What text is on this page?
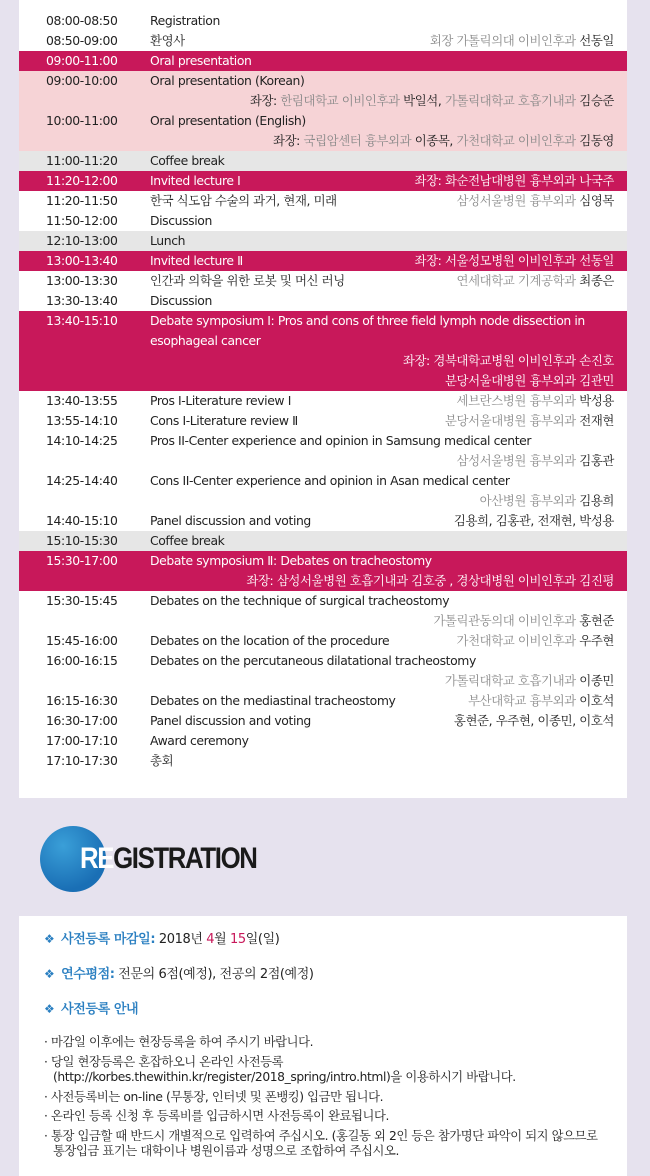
08:00-08:50	Registration
08:50-09:00	환영사	회장 가톨릭의대 이비인후과 선동일
09:00-11:00	Oral presentation
09:00-10:00	Oral presentation (Korean)
좌장: 한림대학교 이비인후과 박일석, 가톨릭대학교 호흡기내과 김승준
10:00-11:00	Oral presentation (English)
좌장: 국립암센터 흉부외과 이종목, 가천대학교 이비인후과 김동영
11:00-11:20	Coffee break
11:20-12:00	Invited lecture I	좌장: 화순전남대병원 흉부외과 나국주
11:20-11:50	한국 식도암 수술의 과거, 현재, 미래	삼성서울병원 흉부외과 심영목
11:50-12:00	Discussion
12:10-13:00	Lunch
13:00-13:40	Invited lecture Ⅱ	좌장: 서울성모병원 이비인후과 선동일
13:00-13:30	인간과 의학을 위한 로봇 및 머신 러닝	연세대학교 기계공학과 최종은
13:30-13:40	Discussion
13:40-15:10	Debate symposium I: Pros and cons of three field lymph node dissection in esophageal cancer
좌장: 경북대학교병원 이비인후과 손진호
분당서울대병원 흉부외과 김관민
13:40-13:55	Pros I-Literature review I	세브란스병원 흉부외과 박성용
13:55-14:10	Cons I-Literature review Ⅱ	분당서울대병원 흉부외과 전재현
14:10-14:25	Pros II-Center experience and opinion in Samsung medical center
삼성서울병원 흉부외과 김홍관
14:25-14:40	Cons II-Center experience and opinion in Asan medical center
아산병원 흉부외과 김용희
14:40-15:10	Panel discussion and voting	김용희, 김홍관, 전재현, 박성용
15:10-15:30	Coffee break
15:30-17:00	Debate symposium Ⅱ: Debates on tracheostomy
좌장: 삼성서울병원 호흡기내과 김호중 , 경상대병원 이비인후과 김진평
15:30-15:45	Debates on the technique of surgical tracheostomy
가톨릭관동의대 이비인후과 홍현준
15:45-16:00	Debates on the location of the procedure	가천대학교 이비인후과 우주현
16:00-16:15	Debates on the percutaneous dilatational tracheostomy
가톨릭대학교 호흡기내과 이종민
16:15-16:30	Debates on the mediastinal tracheostomy	부산대학교 흉부외과 이호석
16:30-17:00	Panel discussion and voting	홍현준, 우주현, 이종민, 이호석
17:00-17:10	Award ceremony
17:10-17:30	총회
REGISTRATION
❖ 사전등록 마감일: 2018년 4월 15일(일)
❖ 연수평점: 전문의 6점(예정), 전공의 2점(예정)
❖ 사전등록 안내
· 마감일 이후에는 현장등록을 하여 주시기 바랍니다.
· 당일 현장등록은 혼잡하오니 온라인 사전등록(http://korbes.thewithin.kr/register/2018_spring/intro.html)을 이용하시기 바랍니다.
· 사전등록비는 on-line (무통장, 인터넷 및 폰뱅킹) 입금만 됩니다.
· 온라인 등록 신청 후 등록비를 입금하시면 사전등록이 완료됩니다.
· 통장 입금할 때 반드시 개별적으로 입력하여 주십시오. (홍길동 외 2인 등은 참가명단 파악이 되지 않으므로 통장입금 표기는 대학이나 병원이름과 성명으로 조합하여 주십시오.
